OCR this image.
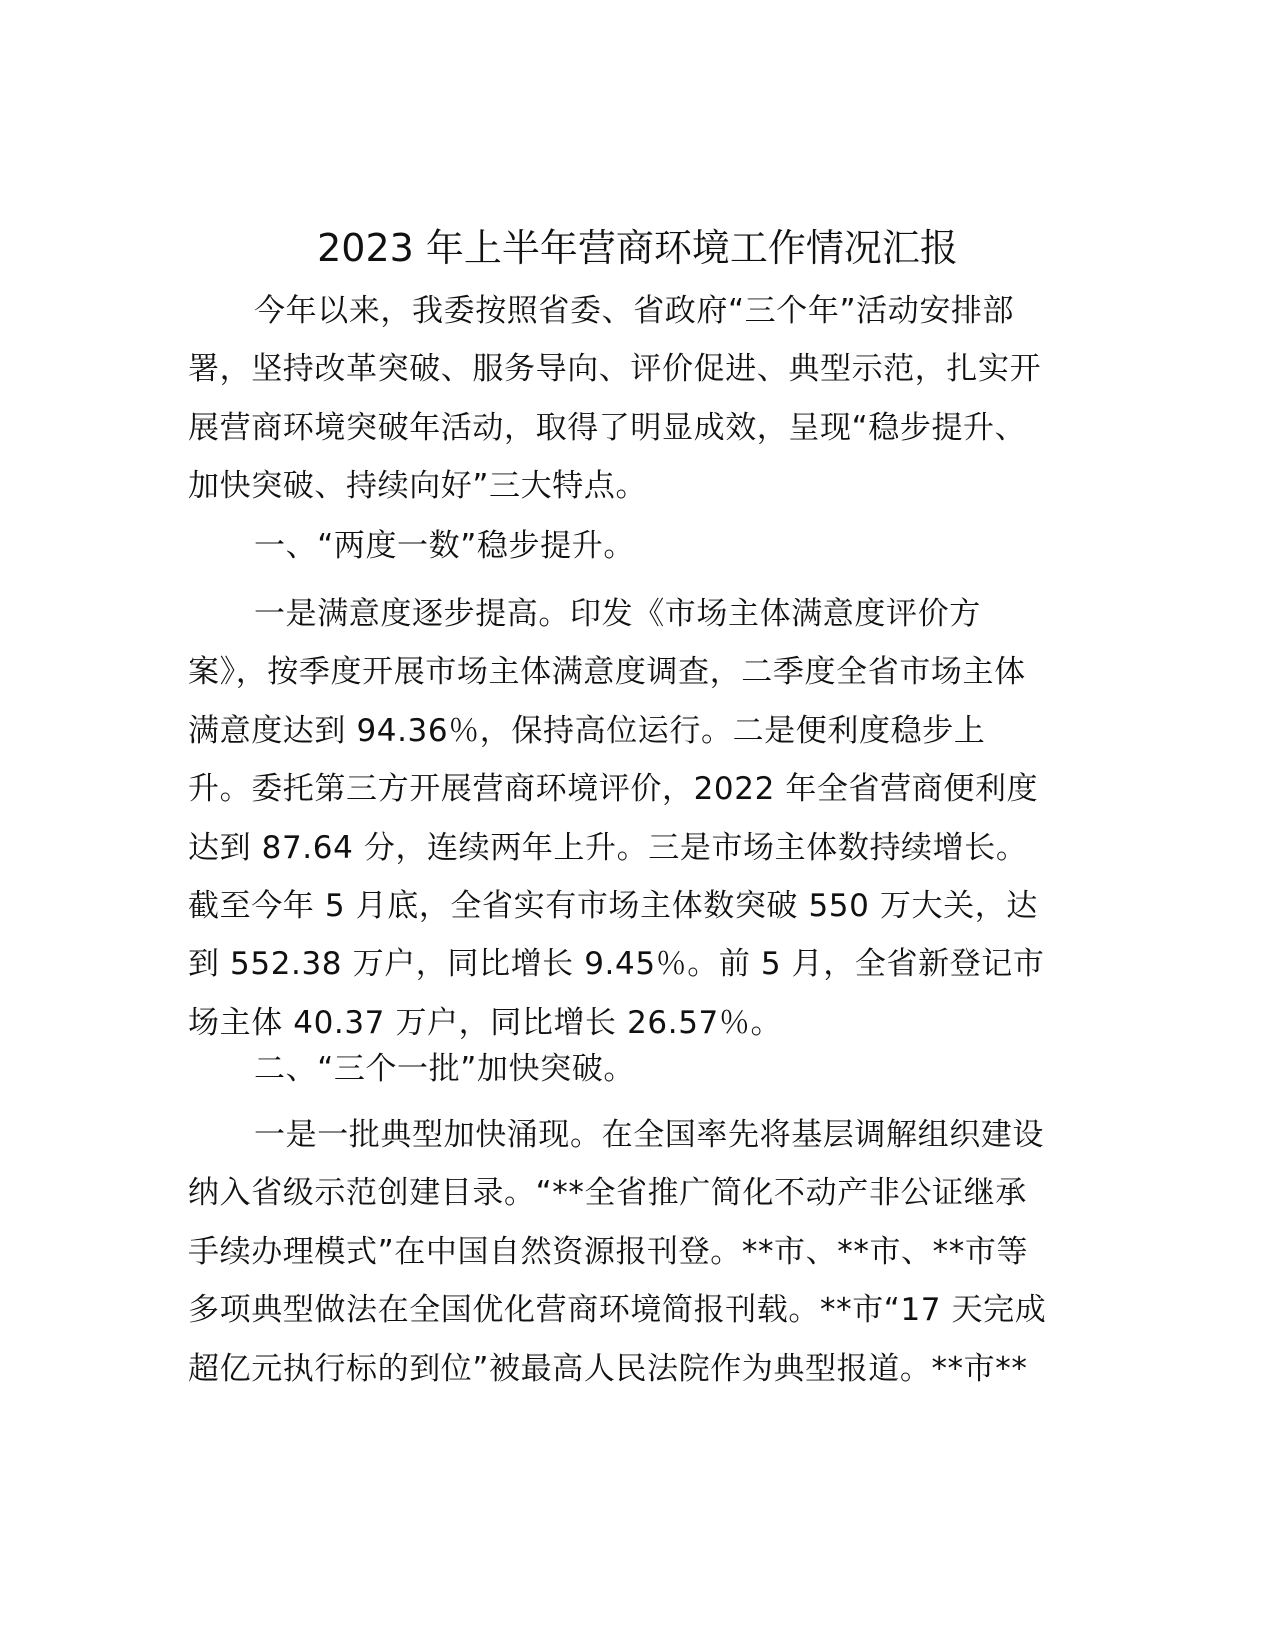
2023 年上半年营商环境工作情况汇报
今年以来，我委按照省委、省政府“三个年”活动安排部
署，坚持改革突破、服务导向、评价促进、典型示范，扎实开
展营商环境突破年活动，取得了明显成效，呈现“稳步提升、
加快突破、持续向好”三大特点。
一、“两度一数”稳步提升。
一是满意度逐步提高。印发《市场主体满意度评价方
案》，按季度开展市场主体满意度调查，二季度全省市场主体
满意度达到 94.36％，保持高位运行。二是便利度稳步上
升。委托第三方开展营商环境评价，2022 年全省营商便利度
达到 87.64 分，连续两年上升。三是市场主体数持续增长。
截至今年 5 月底，全省实有市场主体数突破 550 万大关，达
到 552.38 万户，同比增长 9.45％。前 5 月，全省新登记市
场主体 40.37 万户，同比增长 26.57％。
二、“三个一批”加快突破。
一是一批典型加快涌现。在全国率先将基层调解组织建设
纳入省级示范创建目录。“**全省推广简化不动产非公证继承
手续办理模式”在中国自然资源报刊登。**市、**市、**市等
多项典型做法在全国优化营商环境简报刊载。**市“17 天完成
超亿元执行标的到位”被最高人民法院作为典型报道。**市**
